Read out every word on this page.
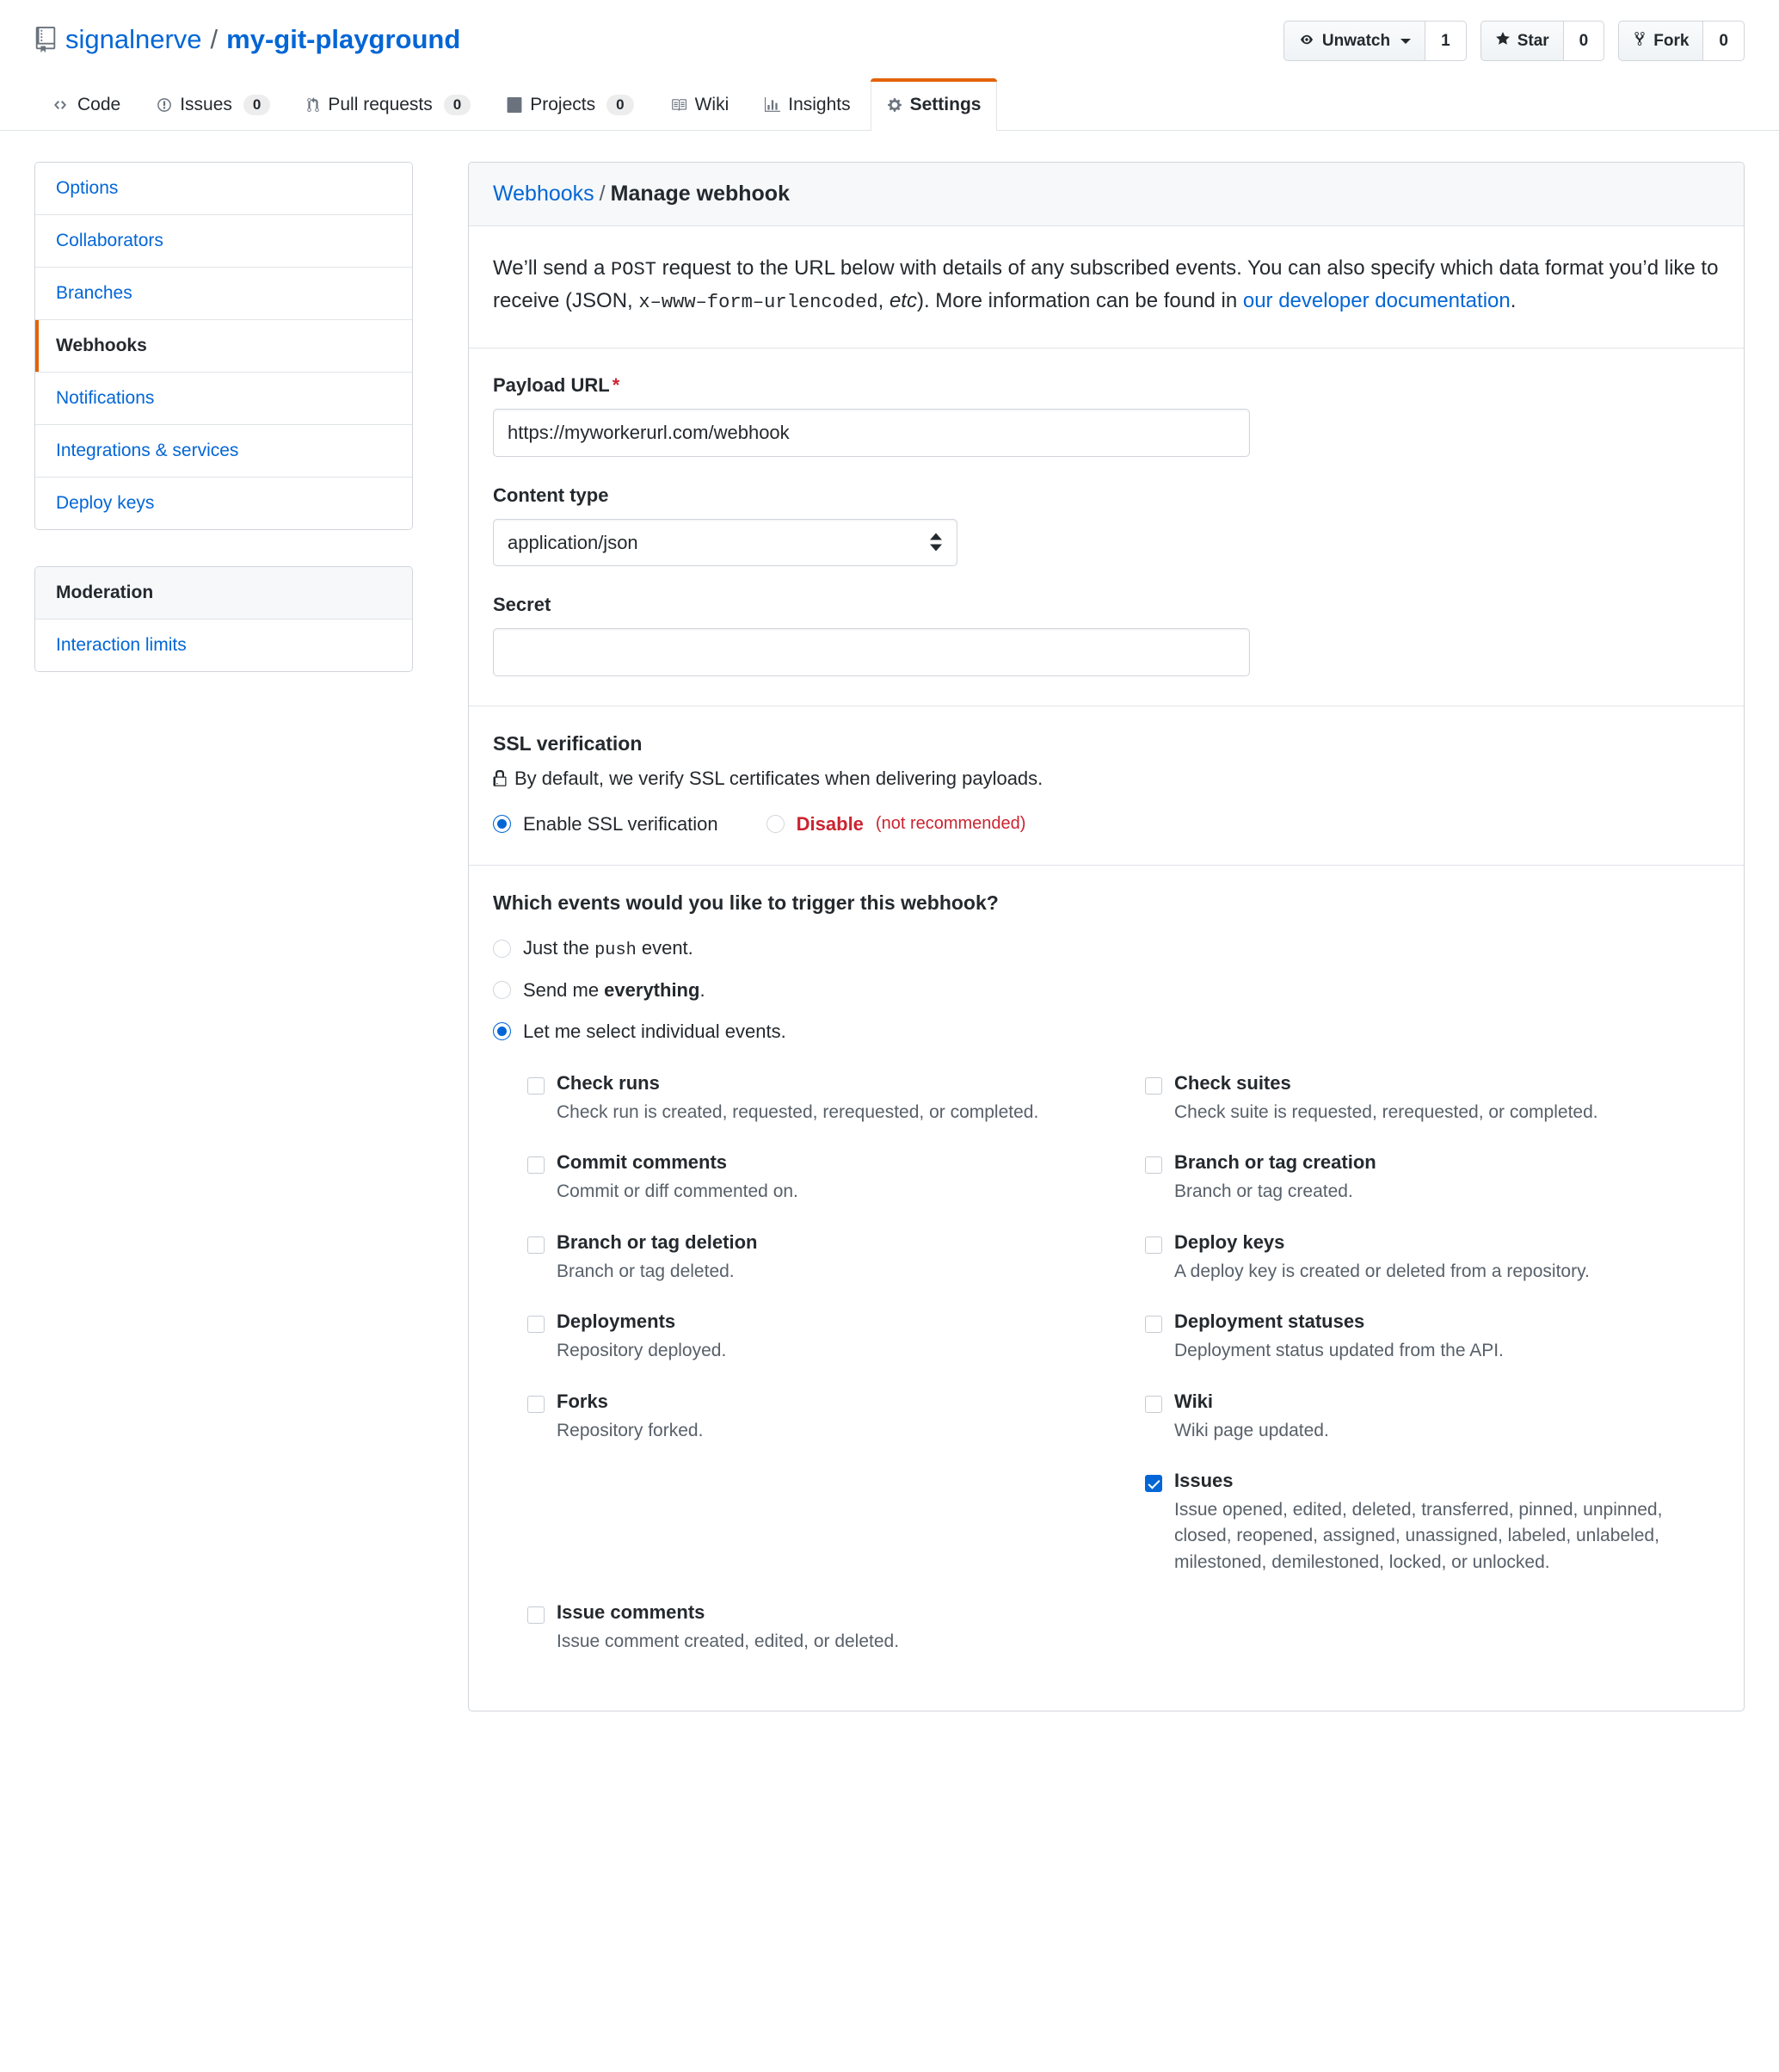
signalnerve / my-git-playground	Unwatch	1	Star	0	Fork	0
Code	Issues	0	Pull requests	0	Projects	0	Wiki	Insights	Settings
Options
Collaborators
Branches
Webhooks
Notifications
Integrations & services
Deploy keys
Moderation
Interaction limits
Webhooks / Manage webhook

We’ll send a POST request to the URL below with details of any subscribed events. You can also specify which data format you’d like to receive (JSON, x–www–form–urlencoded, etc). More information can be found in our developer documentation.

Payload URL *
https://myworkerurl.com/webhook
Content type
application/json
Secret
SSL verification
By default, we verify SSL certificates when delivering payloads.
Enable SSL verification	Disable (not recommended)
Which events would you like to trigger this webhook?
Just the push event.
Send me everything.
Let me select individual events.
Check runs
Check run is created, requested, rerequested, or completed.
Check suites
Check suite is requested, rerequested, or completed.
Commit comments
Commit or diff commented on.
Branch or tag creation
Branch or tag created.
Branch or tag deletion
Branch or tag deleted.
Deploy keys
A deploy key is created or deleted from a repository.
Deployments
Repository deployed.
Deployment statuses
Deployment status updated from the API.
Forks
Repository forked.
Wiki
Wiki page updated.
Issues
Issue opened, edited, deleted, transferred, pinned, unpinned, closed, reopened, assigned, unassigned, labeled, unlabeled, milestoned, demilestoned, locked, or unlocked.
Issue comments
Issue comment created, edited, or deleted.
